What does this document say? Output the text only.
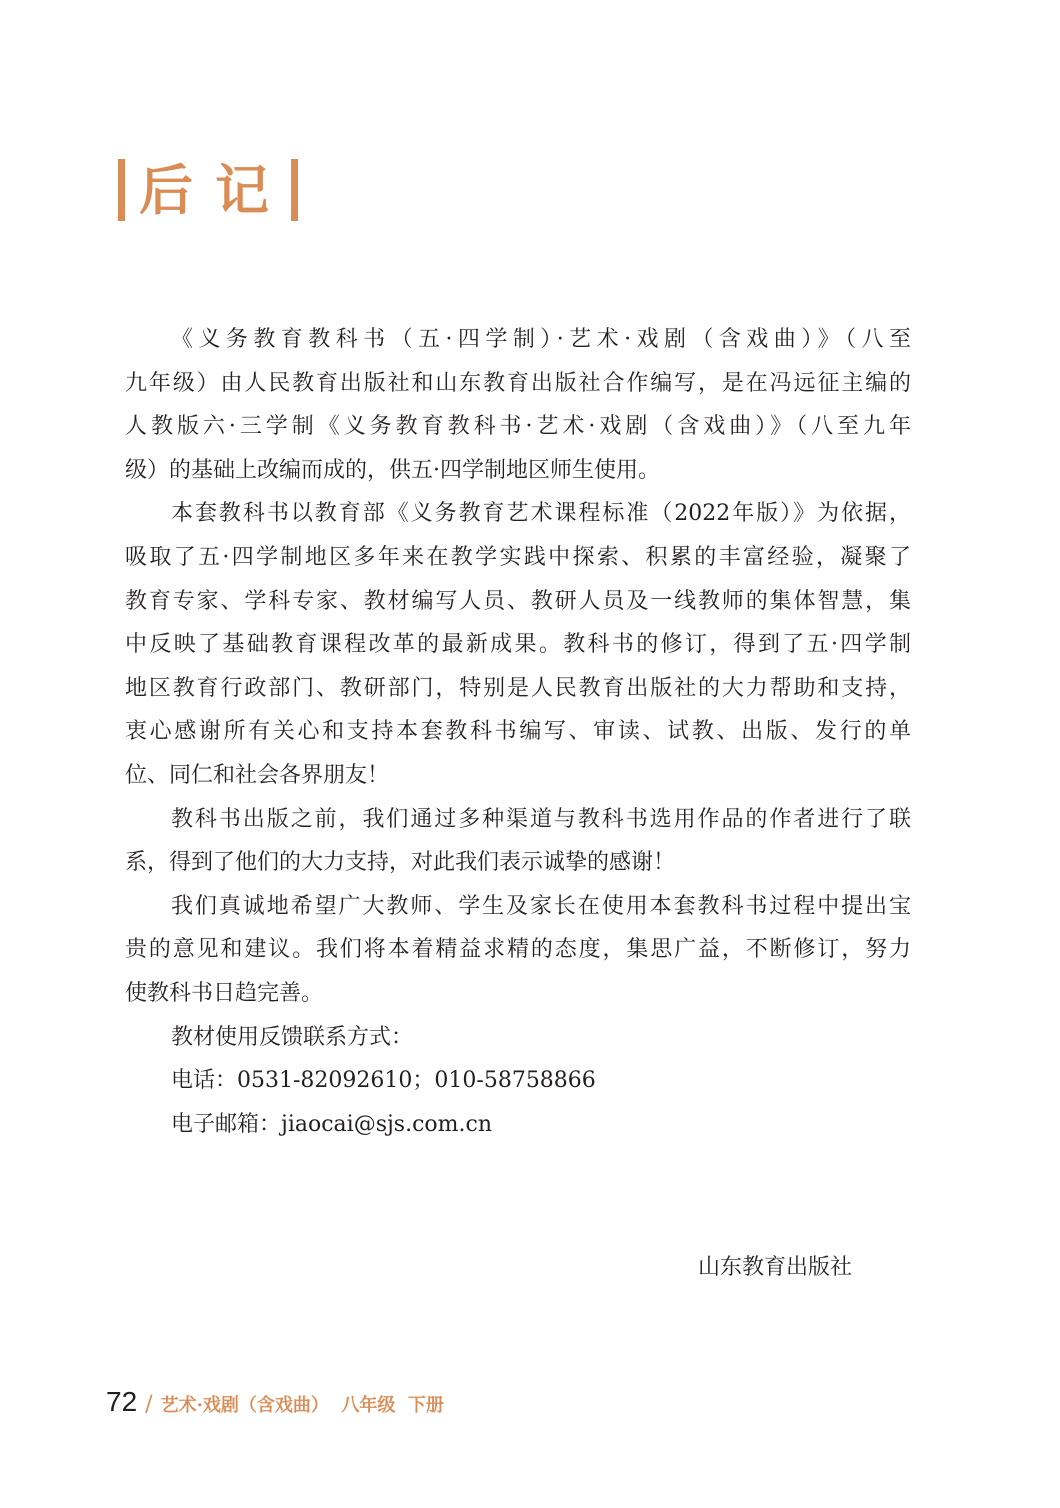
后记
《义务教育教科书（五·四学制）·艺术·戏剧（含戏曲）》（八至
九年级）由人民教育出版社和山东教育出版社合作编写，是在冯远征主编的
人教版六·三学制《义务教育教科书·艺术·戏剧（含戏曲）》（八至九年
级）的基础上改编而成的，供五·四学制地区师生使用。
本套教科书以教育部《义务教育艺术课程标准（2022年版）》为依据，
吸取了五·四学制地区多年来在教学实践中探索、积累的丰富经验，凝聚了
教育专家、学科专家、教材编写人员、教研人员及一线教师的集体智慧，集
中反映了基础教育课程改革的最新成果。教科书的修订，得到了五·四学制
地区教育行政部门、教研部门，特别是人民教育出版社的大力帮助和支持，
衷心感谢所有关心和支持本套教科书编写、审读、试教、出版、发行的单
位、同仁和社会各界朋友！
教科书出版之前，我们通过多种渠道与教科书选用作品的作者进行了联
系，得到了他们的大力支持，对此我们表示诚挚的感谢！
我们真诚地希望广大教师、学生及家长在使用本套教科书过程中提出宝
贵的意见和建议。我们将本着精益求精的态度，集思广益，不断修订，努力
使教科书日趋完善。
教材使用反馈联系方式：
电话：0531-82092610；010-58758866
电子邮箱：jiaocai@sjs.com.cn
山东教育出版社
72 / 艺术·戏剧（含戏曲）  八年级  下册
